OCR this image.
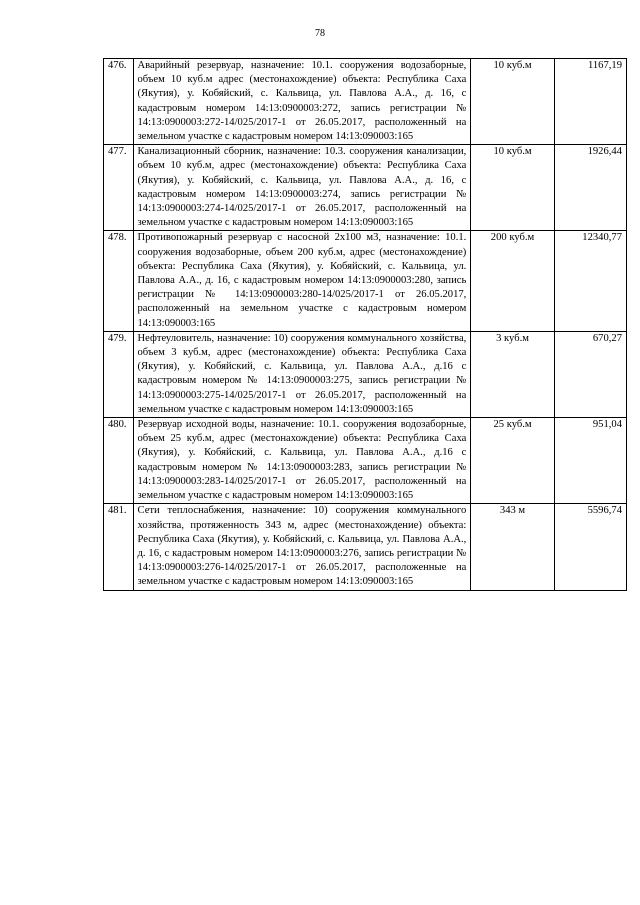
78
476.	Аварийный резервуар, назначение: 10.1. сооружения водозаборные, объем 10 куб.м адрес (местонахождение) объекта: Республика Саха (Якутия), у. Кобяйский, с. Кальвица, ул. Павлова А.А., д. 16, с кадастровым номером 14:13:0900003:272, запись регистрации № 14:13:0900003:272-14/025/2017-1 от 26.05.2017, расположенный на земельном участке с кадастровым номером 14:13:090003:165	10 куб.м	1167,19
477.	Канализационный сборник, назначение: 10.3. сооружения канализации, объем 10 куб.м, адрес (местонахождение) объекта: Республика Саха (Якутия), у. Кобяйский, с. Кальвица, ул. Павлова А.А., д. 16, с кадастровым номером 14:13:0900003:274, запись регистрации № 14:13:0900003:274-14/025/2017-1 от 26.05.2017, расположенный на земельном участке с кадастровым номером 14:13:090003:165	10 куб.м	1926,44
478.	Противопожарный резервуар с насосной 2х100 м3, назначение: 10.1. сооружения водозаборные, объем 200 куб.м, адрес (местонахождение) объекта: Республика Саха (Якутия), у. Кобяйский, с. Кальвица, ул. Павлова А.А., д. 16, с кадастровым номером 14:13:0900003:280, запись регистрации № 14:13:0900003:280-14/025/2017-1 от 26.05.2017, расположенный на земельном участке с кадастровым номером 14:13:090003:165	200 куб.м	12340,77
479.	Нефтеуловитель, назначение: 10) сооружения коммунального хозяйства, объем 3 куб.м, адрес (местонахождение) объекта: Республика Саха (Якутия), у. Кобяйский, с. Кальвица, ул. Павлова А.А., д.16 с кадастровым номером № 14:13:0900003:275, запись регистрации № 14:13:0900003:275-14/025/2017-1 от 26.05.2017, расположенный на земельном участке с кадастровым номером 14:13:090003:165	3 куб.м	670,27
480.	Резервуар исходной воды, назначение: 10.1. сооружения водозаборные, объем 25 куб.м, адрес (местонахождение) объекта: Республика Саха (Якутия), у. Кобяйский, с. Кальвица, ул. Павлова А.А., д.16 с кадастровым номером № 14:13:0900003:283, запись регистрации № 14:13:0900003:283-14/025/2017-1 от 26.05.2017, расположенный на земельном участке с кадастровым номером 14:13:090003:165	25 куб.м	951,04
481.	Сети теплоснабжения, назначение: 10) сооружения коммунального хозяйства, протяженность 343 м, адрес (местонахождение) объекта: Республика Саха (Якутия), у. Кобяйский, с. Кальвица, ул. Павлова А.А., д. 16, с кадастровым номером 14:13:0900003:276, запись регистрации № 14:13:0900003:276-14/025/2017-1 от 26.05.2017, расположенные на земельном участке с кадастровым номером 14:13:090003:165	343 м	5596,74
